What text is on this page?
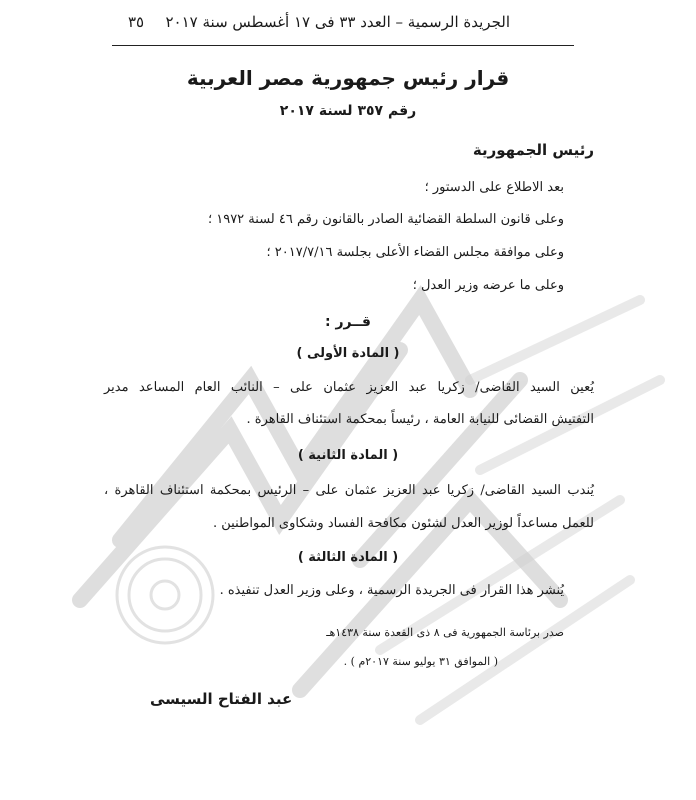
الجريدة الرسمية – العدد ٣٣ فى ١٧ أغسطس سنة ٢٠١٧
٣٥
قرار رئيس جمهورية مصر العربية
رقم ٣٥٧ لسنة ٢٠١٧
رئيس الجمهورية
بعد الاطلاع على الدستور ؛
وعلى قانون السلطة القضائية الصادر بالقانون رقم ٤٦ لسنة ١٩٧٢ ؛
وعلى موافقة مجلس القضاء الأعلى بجلسة ٢٠١٧/٧/١٦ ؛
وعلى ما عرضه وزير العدل ؛
قــرر :
( المادة الأولى )
يُعين السيد القاضى/ زكريا عبد العزيز عثمان على – النائب العام المساعد مدير
التفتيش القضائى للنيابة العامة ، رئيساً بمحكمة استئناف القاهرة .
( المادة الثانية )
يُندب السيد القاضى/ زكريا عبد العزيز عثمان على – الرئيس بمحكمة استئناف القاهرة ،
للعمل مساعداً لوزير العدل لشئون مكافحة الفساد وشكاوى المواطنين .
( المادة الثالثة )
يُنشر هذا القرار فى الجريدة الرسمية ، وعلى وزير العدل تنفيذه .
صدر برئاسة الجمهورية فى ٨ ذى القعدة سنة ١٤٣٨هـ
( الموافق ٣١ يوليو سنة ٢٠١٧م ) .
عبد الفتاح السيسى
